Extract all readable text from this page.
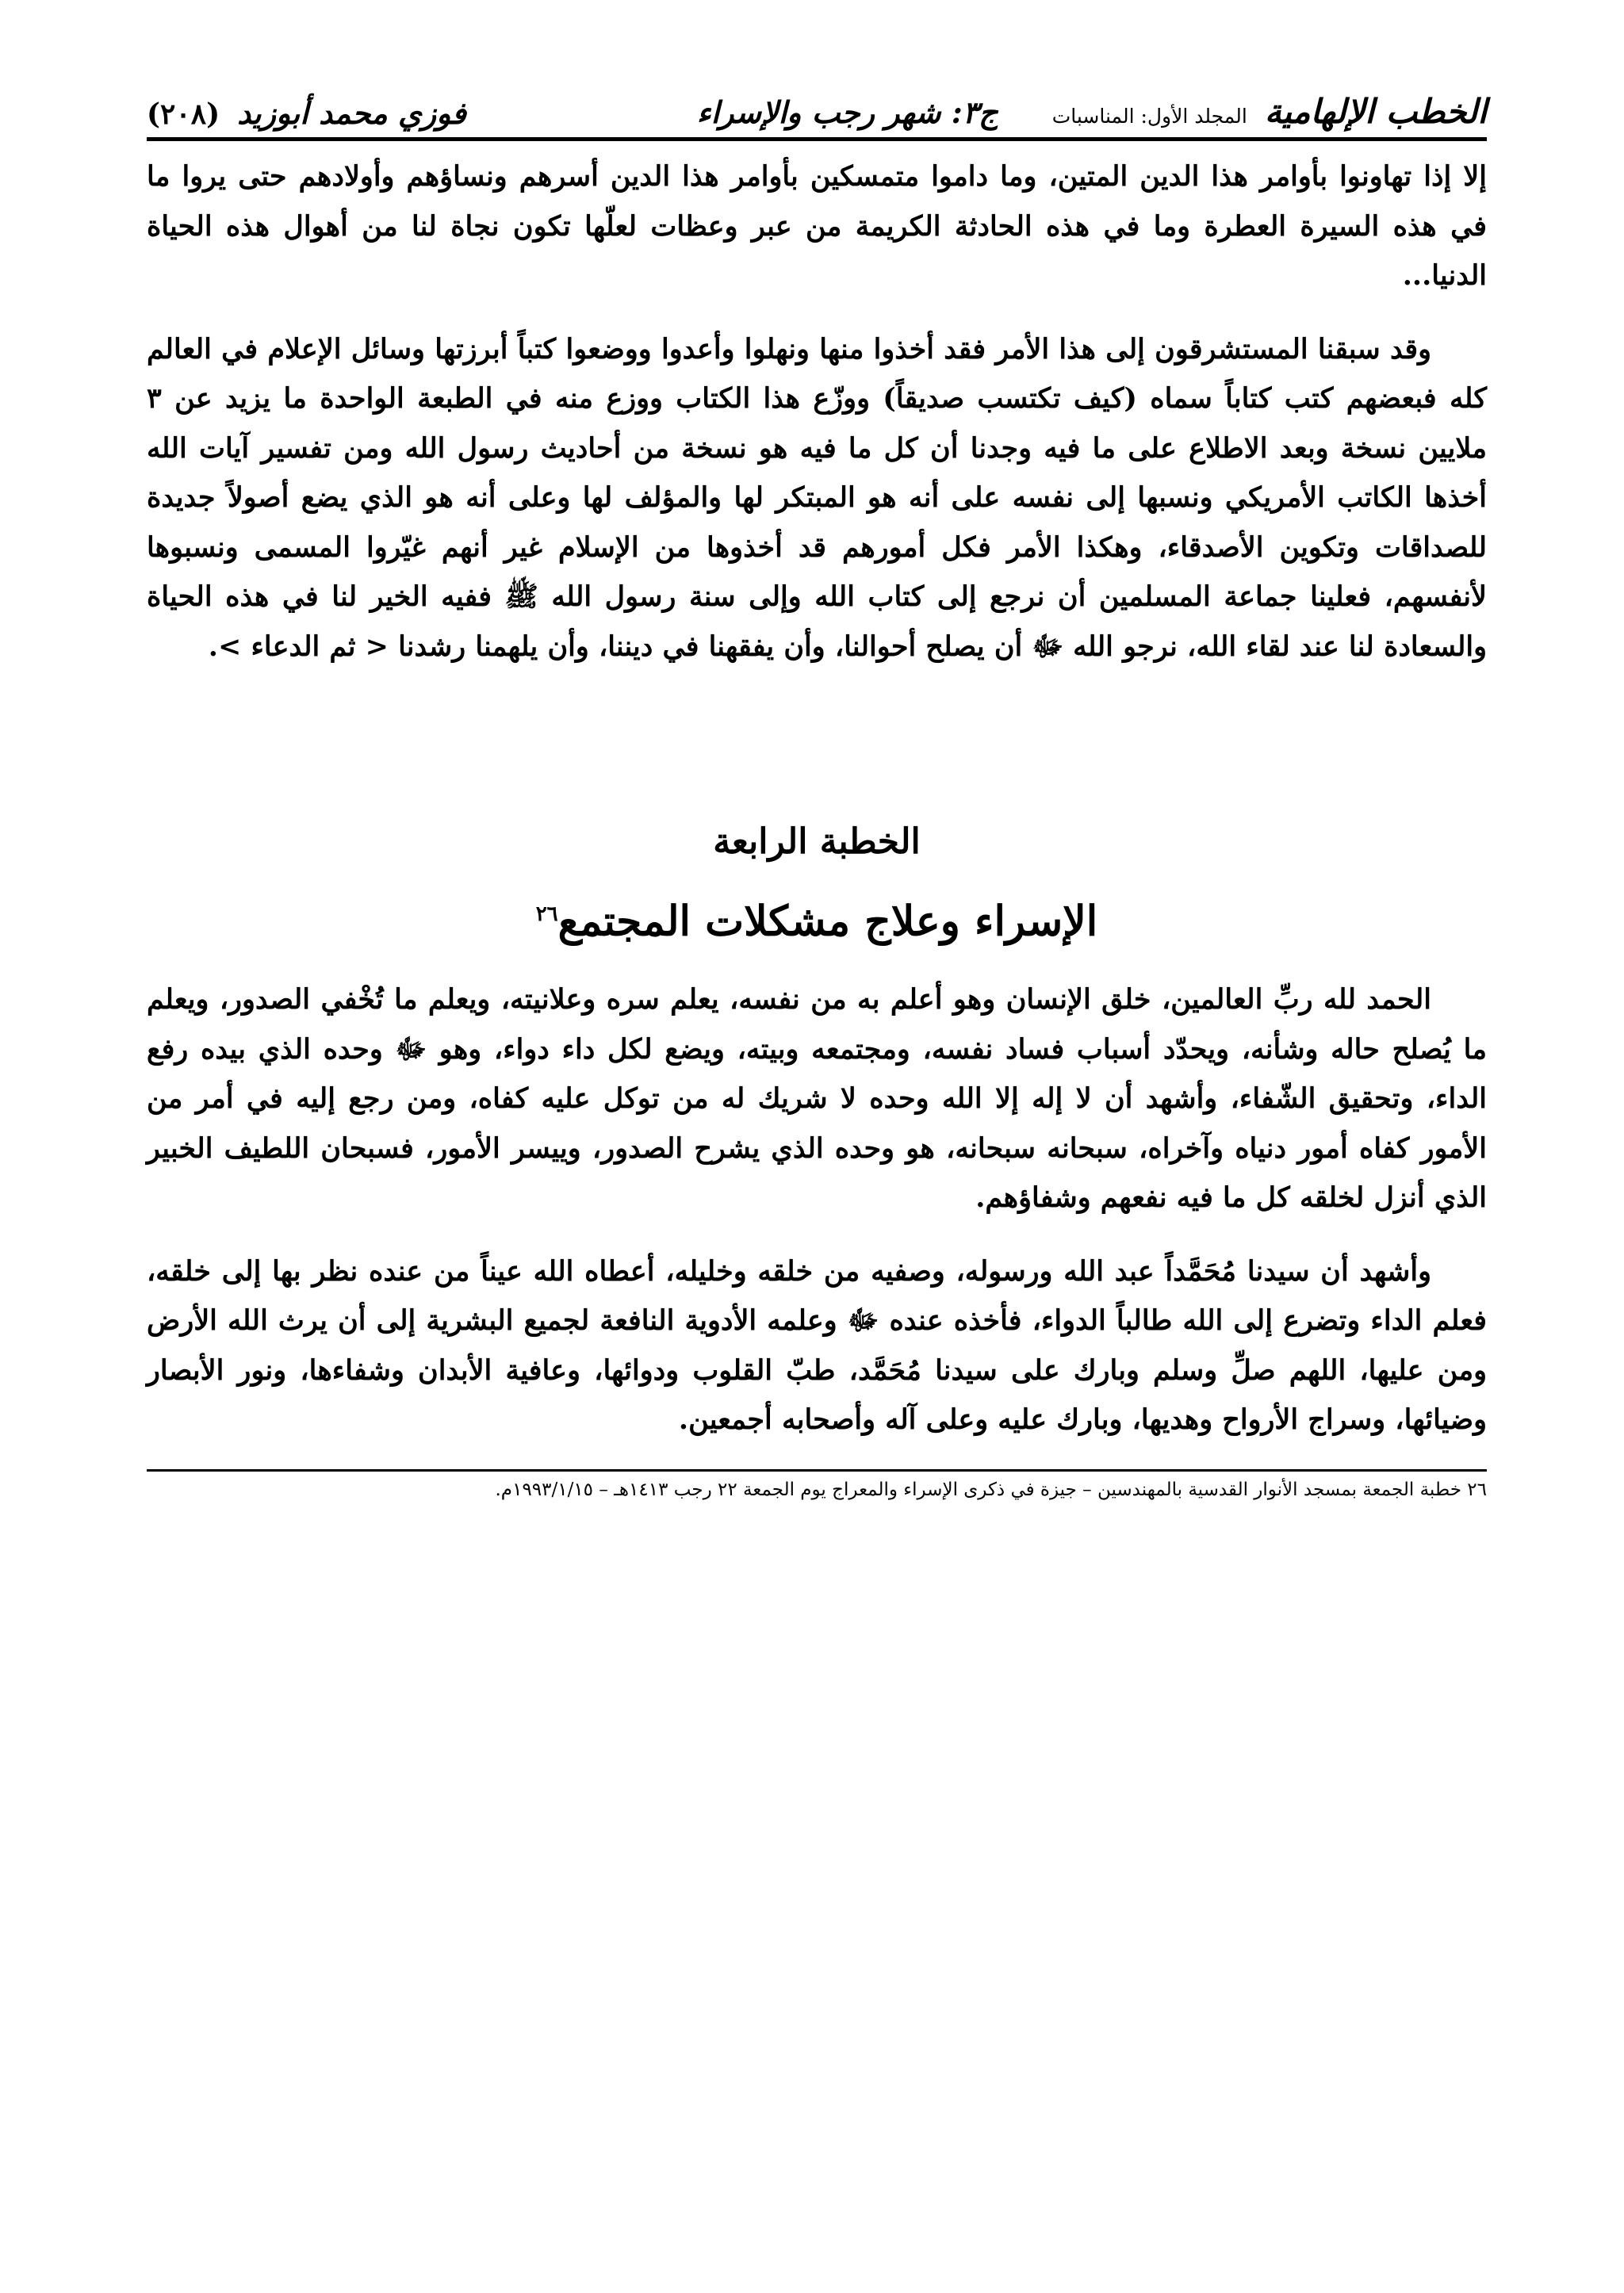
الخطب الإلهامية
المجلد الأول: المناسبات
ج٣: شهر رجب والإسراء
فوزي محمد أبوزيد
(٢٠٨)

إلا إذا تهاونوا بأوامر هذا الدين المتين، وما داموا متمسكين بأوامر هذا الدين أسرهم ونساؤهم وأولادهم حتى يروا ما في هذه السيرة العطرة وما في هذه الحادثة الكريمة من عبر وعظات لعلّها تكون نجاة لنا من أهوال هذه الحياة الدنيا...

وقد سبقنا المستشرقون إلى هذا الأمر فقد أخذوا منها ونهلوا وأعدوا ووضعوا كتباً أبرزتها وسائل الإعلام في العالم كله فبعضهم كتب كتاباً سماه (كيف تكتسب صديقاً) ووزّع هذا الكتاب ووزع منه في الطبعة الواحدة ما يزيد عن ٣ ملايين نسخة وبعد الاطلاع على ما فيه وجدنا أن كل ما فيه هو نسخة من أحاديث رسول الله ومن تفسير آيات الله أخذها الكاتب الأمريكي ونسبها إلى نفسه على أنه هو المبتكر لها والمؤلف لها وعلى أنه هو الذي يضع أصولاً جديدة للصداقات وتكوين الأصدقاء، وهكذا الأمر فكل أمورهم قد أخذوها من الإسلام غير أنهم غيّروا المسمى ونسبوها لأنفسهم، فعلينا جماعة المسلمين أن نرجع إلى كتاب الله وإلى سنة رسول الله ﷺ ففيه الخير لنا في هذه الحياة والسعادة لنا عند لقاء الله، نرجو الله ﷻ أن يصلح أحوالنا، وأن يفقهنا في ديننا، وأن يلهمنا رشدنا < ثم الدعاء >.

الخطبة الرابعة
الإسراء وعلاج مشكلات المجتمع$^{٢٦}$

الحمد لله ربِّ العالمين، خلق الإنسان وهو أعلم به من نفسه، يعلم سره وعلانيته، ويعلم ما تُخْفي الصدور، ويعلم ما يُصلح حاله وشأنه، ويحدّد أسباب فساد نفسه، ومجتمعه وبيته، ويضع لكل داء دواء، وهو ﷻ وحده الذي بيده رفع الداء، وتحقيق الشّفاء، وأشهد أن لا إله إلا الله وحده لا شريك له من توكل عليه كفاه، ومن رجع إليه في أمر من الأمور كفاه أمور دنياه وآخراه، سبحانه سبحانه، هو وحده الذي يشرح الصدور، وييسر الأمور، فسبحان اللطيف الخبير الذي أنزل لخلقه كل ما فيه نفعهم وشفاؤهم.

وأشهد أن سيدنا مُحَمَّداً عبد الله ورسوله، وصفيه من خلقه وخليله، أعطاه الله عيناً من عنده نظر بها إلى خلقه، فعلم الداء وتضرع إلى الله طالباً الدواء، فأخذه عنده ﷻ وعلمه الأدوية النافعة لجميع البشرية إلى أن يرث الله الأرض ومن عليها، اللهم صلِّ وسلم وبارك على سيدنا مُحَمَّد، طبّ القلوب ودوائها، وعافية الأبدان وشفاءها، ونور الأبصار وضيائها، وسراج الأرواح وهديها، وبارك عليه وعلى آله وأصحابه أجمعين.

٢٦ خطبة الجمعة بمسجد الأنوار القدسية بالمهندسين – جيزة في ذكرى الإسراء والمعراج يوم الجمعة ٢٢ رجب ١٤١٣هـ – ١٩٩٣/١/١٥م.
